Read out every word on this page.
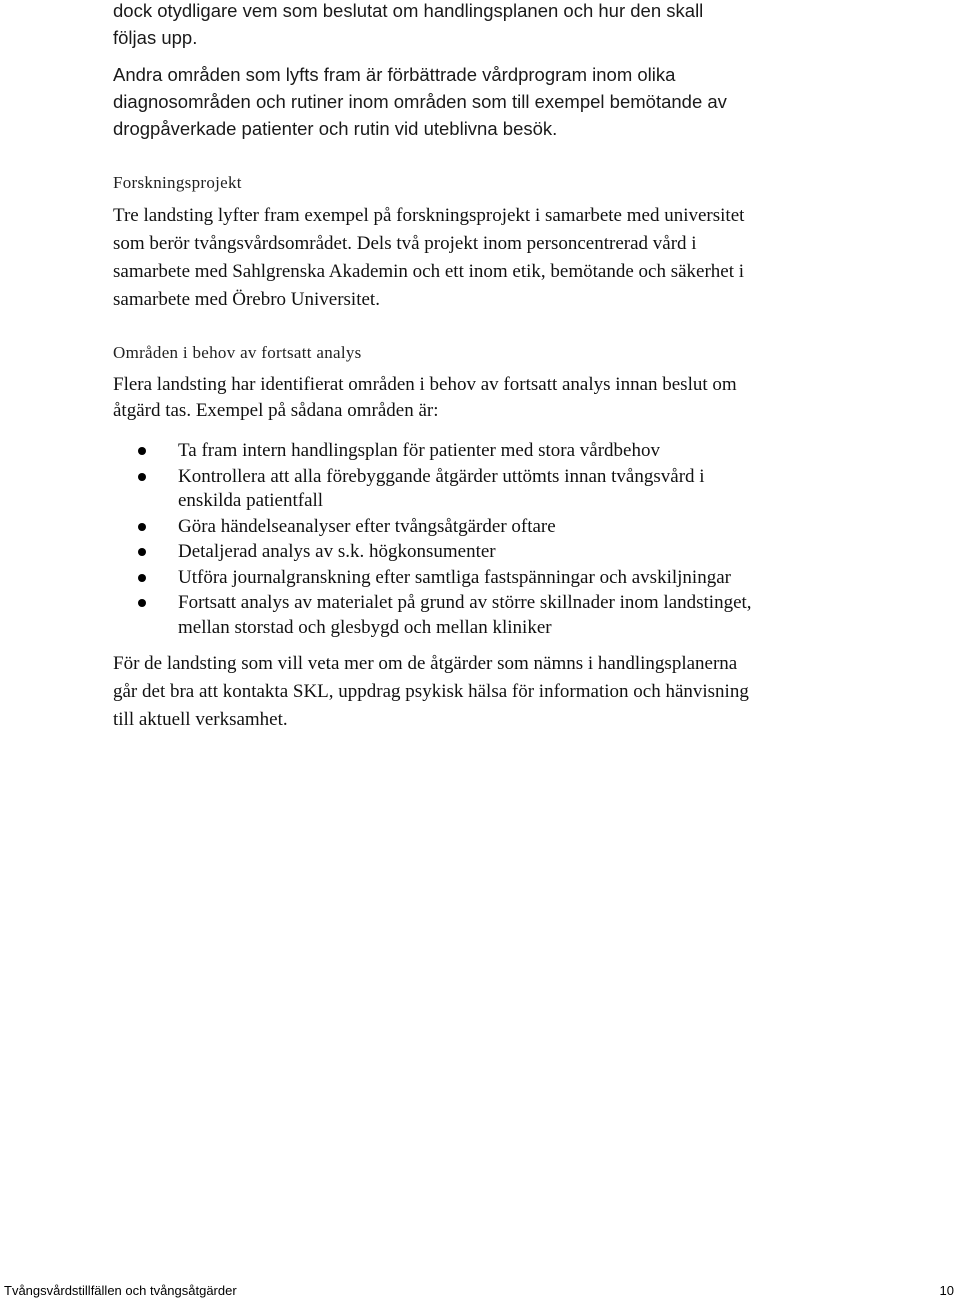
dock otydligare vem som beslutat om handlingsplanen och hur den skall

följas upp.

Andra områden som lyfts fram är förbättrade vårdprogram inom olika diagnosområden och rutiner inom områden som till exempel bemötande av drogpåverkade patienter och rutin vid uteblivna besök.

Forskningsprojekt

Tre landsting lyfter fram exempel på forskningsprojekt i samarbete med universitet som berör tvångsvårdsområdet. Dels två projekt inom personcentrerad vård i samarbete med Sahlgrenska Akademin och ett inom etik, bemötande och säkerhet i samarbete med Örebro Universitet.

Områden i behov av fortsatt analys

Flera landsting har identifierat områden i behov av fortsatt analys innan beslut om åtgärd tas. Exempel på sådana områden är:

Ta fram intern handlingsplan för patienter med stora vårdbehov
Kontrollera att alla förebyggande åtgärder uttömts innan tvångsvård i enskilda patientfall
Göra händelseanalyser efter tvångsåtgärder oftare
Detaljerad analys av s.k. högkonsumenter
Utföra journalgranskning efter samtliga fastspänningar och avskiljningar
Fortsatt analys av materialet på grund av större skillnader inom landstinget, mellan storstad och glesbygd och mellan kliniker

För de landsting som vill veta mer om de åtgärder som nämns i handlingsplanerna går det bra att kontakta SKL, uppdrag psykisk hälsa för information och hänvisning till aktuell verksamhet.

Tvångsvårdstillfällen och tvångsåtgärder	10
